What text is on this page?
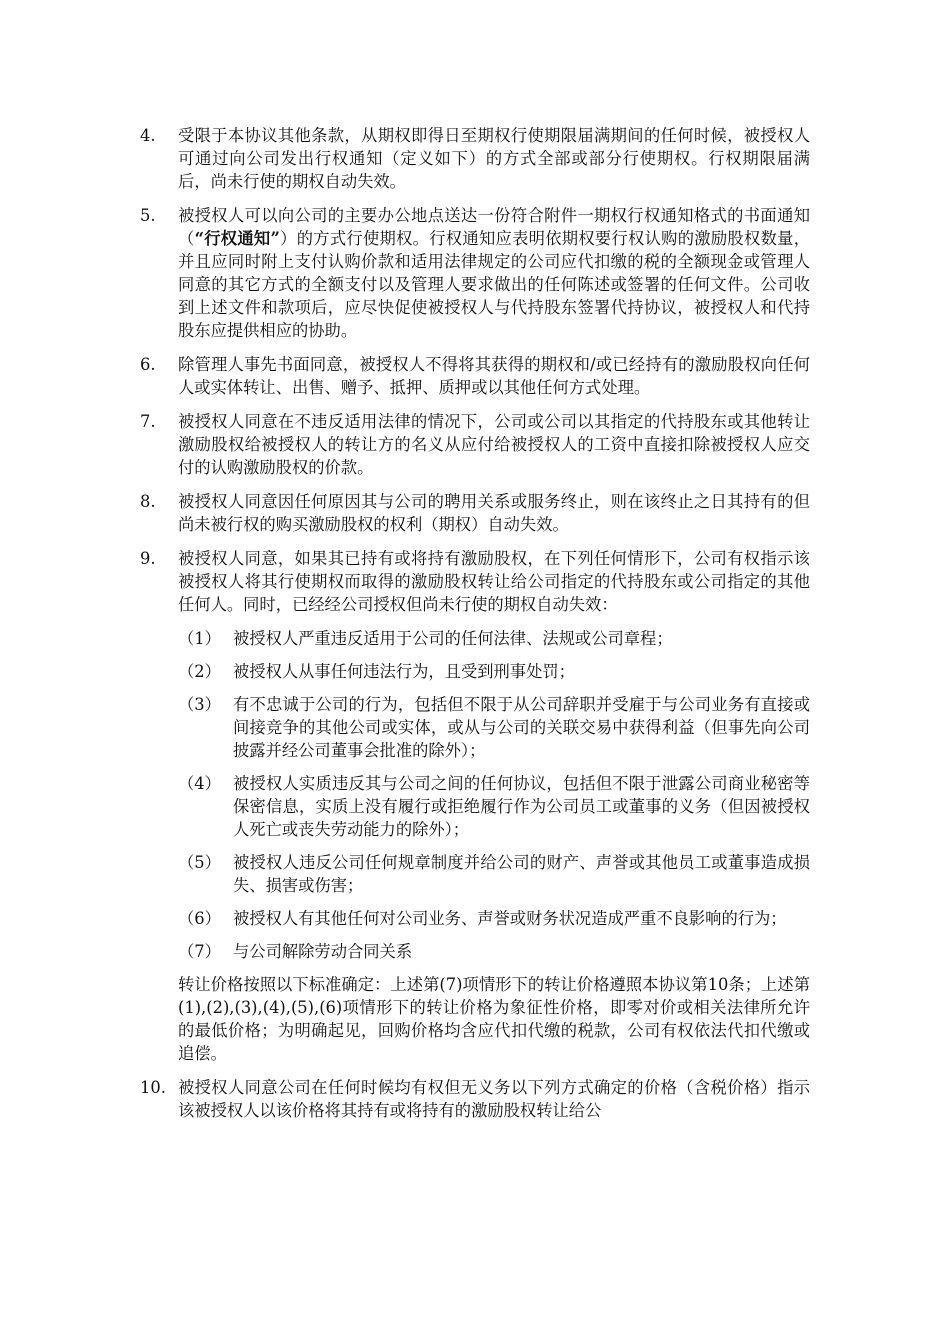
4.	受限于本协议其他条款，从期权即得日至期权行使期限届满期间的任何时候，被授权人可通过向公司发出行权通知（定义如下）的方式全部或部分行使期权。行权期限届满后，尚未行使的期权自动失效。
5.	被授权人可以向公司的主要办公地点送达一份符合附件一期权行权通知格式的书面通知（“行权通知”）的方式行使期权。行权通知应表明依期权要行权认购的激励股权数量，并且应同时附上支付认购价款和适用法律规定的公司应代扣缴的税的全额现金或管理人同意的其它方式的全额支付以及管理人要求做出的任何陈述或签署的任何文件。公司收到上述文件和款项后，应尽快促使被授权人与代持股东签署代持协议，被授权人和代持股东应提供相应的协助。
6.	除管理人事先书面同意，被授权人不得将其获得的期权和/或已经持有的激励股权向任何人或实体转让、出售、赠予、抵押、质押或以其他任何方式处理。
7.	被授权人同意在不违反适用法律的情况下，公司或公司以其指定的代持股东或其他转让激励股权给被授权人的转让方的名义从应付给被授权人的工资中直接扣除被授权人应交付的认购激励股权的价款。
8.	被授权人同意因任何原因其与公司的聘用关系或服务终止，则在该终止之日其持有的但尚未被行权的购买激励股权的权利（期权）自动失效。
9.	被授权人同意，如果其已持有或将持有激励股权，在下列任何情形下，公司有权指示该被授权人将其行使期权而取得的激励股权转让给公司指定的代持股东或公司指定的其他任何人。同时，已经经公司授权但尚未行使的期权自动失效：
（1） 被授权人严重违反适用于公司的任何法律、法规或公司章程；
（2） 被授权人从事任何违法行为，且受到刑事处罚；
（3） 有不忠诚于公司的行为，包括但不限于从公司辞职并受雇于与公司业务有直接或间接竞争的其他公司或实体，或从与公司的关联交易中获得利益（但事先向公司披露并经公司董事会批准的除外）；
（4） 被授权人实质违反其与公司之间的任何协议，包括但不限于泄露公司商业秘密等保密信息，实质上没有履行或拒绝履行作为公司员工或董事的义务（但因被授权人死亡或丧失劳动能力的除外）；
（5） 被授权人违反公司任何规章制度并给公司的财产、声誉或其他员工或董事造成损失、损害或伤害；
（6） 被授权人有其他任何对公司业务、声誉或财务状况造成严重不良影响的行为；
（7） 与公司解除劳动合同关系
转让价格按照以下标准确定：上述第(7)项情形下的转让价格遵照本协议第10条；上述第(1),(2),(3),(4),(5),(6)项情形下的转让价格为象征性价格，即零对价或相关法律所允许的最低价格；为明确起见，回购价格均含应代扣代缴的税款，公司有权依法代扣代缴或追偿。
10. 被授权人同意公司在任何时候均有权但无义务以下列方式确定的价格（含税价格）指示该被授权人以该价格将其持有或将持有的激励股权转让给公
